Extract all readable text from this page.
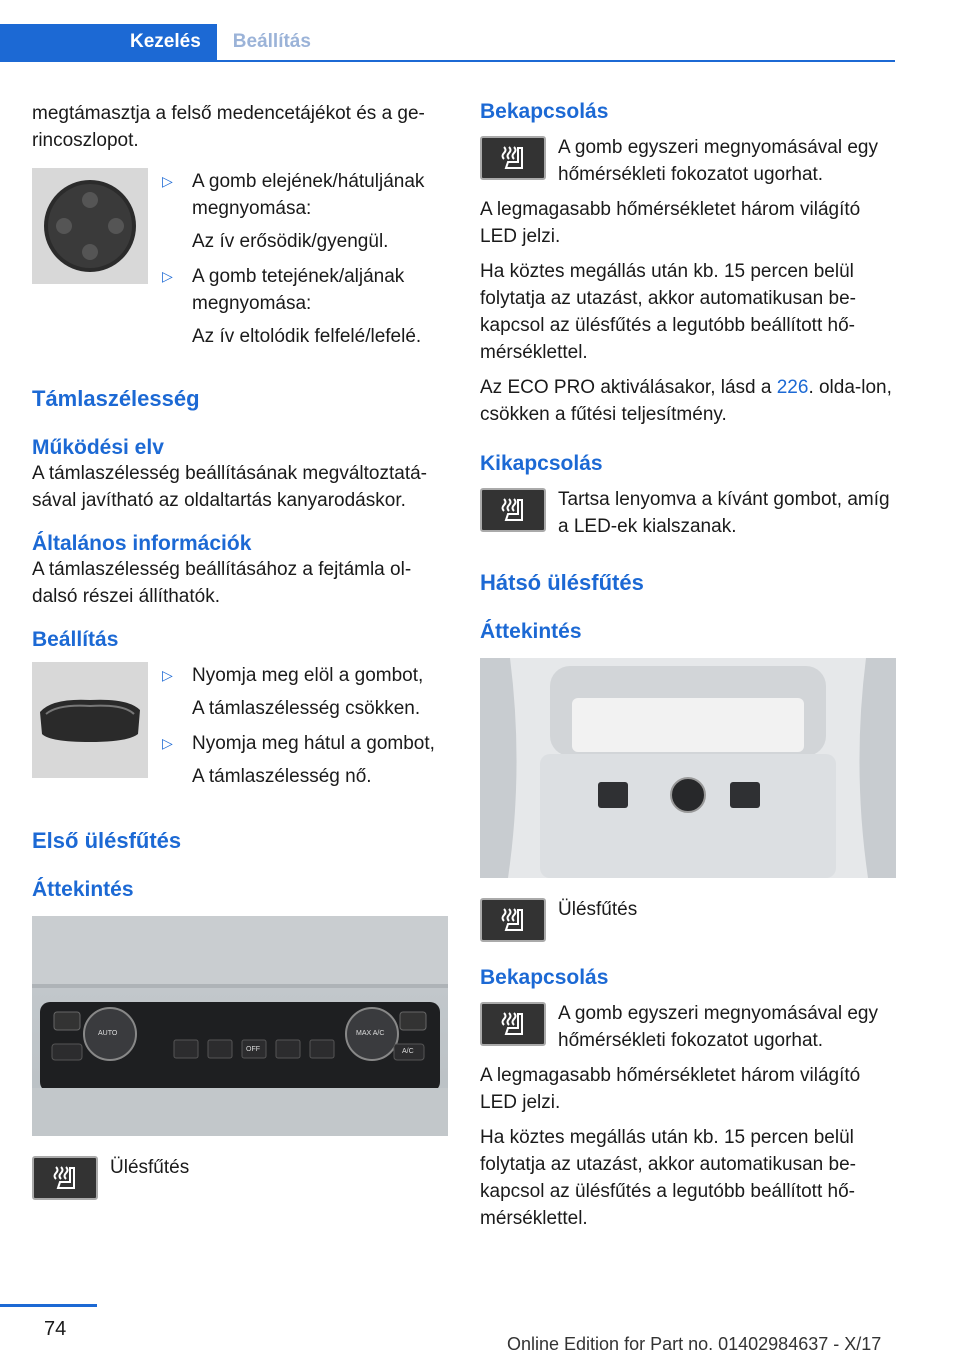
Kezelés	Beállítás

megtámasztja a felső medencetájékot és a ge-rincoszlopot.

▷	A gomb elejének/hátuljának megnyomása:
Az ív erősödik/gyengül.
▷	A gomb tetejének/aljának megnyomása:
Az ív eltolódik felfelé/lefelé.
Támlaszélesség
Működési elv

A támlaszélesség beállításának megváltoztatá-sával javítható az oldaltartás kanyarodáskor.

Általános információk

A támlaszélesség beállításához a fejtámla ol-dalsó részei állíthatók.

Beállítás
▷	Nyomja meg elöl a gombot,
A támlaszélesség csökken.
▷	Nyomja meg hátul a gombot,
A támlaszélesség nő.
Első ülésfűtés
Áttekintés
AUTO
OFF
MAX A/C
A/C
Ülésfűtés
Bekapcsolás
A gomb egyszeri megnyomásával egy hőmérsékleti fokozatot ugorhat.

A legmagasabb hőmérsékletet három világító LED jelzi.

Ha köztes megállás után kb. 15 percen belül folytatja az utazást, akkor automatikusan be-kapcsol az ülésfűtés a legutóbb beállított hő-mérséklettel.

Az ECO PRO aktiválásakor, lásd a 226. olda-lon, csökken a fűtési teljesítmény.

Kikapcsolás
Tartsa lenyomva a kívánt gombot, amíg a LED-ek kialszanak.
Hátsó ülésfűtés
Áttekintés
Ülésfűtés
Bekapcsolás
A gomb egyszeri megnyomásával egy hőmérsékleti fokozatot ugorhat.

A legmagasabb hőmérsékletet három világító LED jelzi.

Ha köztes megállás után kb. 15 percen belül folytatja az utazást, akkor automatikusan be-kapcsol az ülésfűtés a legutóbb beállított hő-mérséklettel.

74
Online Edition for Part no. 01402984637 - X/17
